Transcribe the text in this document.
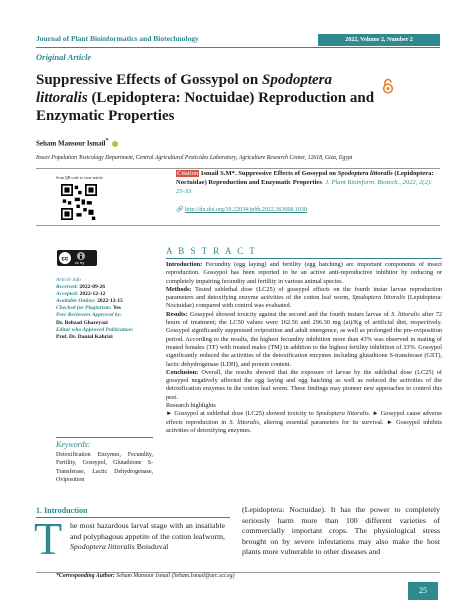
Journal of Plant Bioinformatics and Biotechnology	2022, Volume 2, Number 2
Original Article
Suppressive Effects of Gossypol on Spodoptera littoralis (Lepidoptera: Noctuidae) Reproduction and Enzymatic Properties
Seham Mansour Ismail*
Insect Population Toxicology Department, Central Agricultural Pesticides Laboratory, Agriculture Research Center, 12618, Giza, Egypt
Scan QR code to view article
Citation Ismail S.M*. Suppressive Effects of Gossypol on Spodoptera littoralis (Lepidoptera: Noctuidae) Reproduction and Enzymatic Properties. J. Plant Bioinform. Biotech., 2022, 2(2): 25-33
🔗 http://dx.doi.org/10.22034/jpbb.2022.363668.1030
cc cc by
Article info
Received: 2022-09-26
Accepted: 2022-12-12
Available Online: 2022-12-15
Checked for Plagiarism: Yes
Peer Reviewers Approved by:
Dr. Behzad Ghareyazi
Editor who Approved Publication:
Prof. Dr. Danial Kahrizi
Keywords:
Detoxification Enzymes, Fecundity, Fertility, Gossypol, Glutathione S-Transferase, Lactic Dehydrogenase, Oviposition
A B S T R A C T

Introduction: Fecundity (egg laying) and fertility (egg hatching) are important components of insect reproduction. Gossypol has been reported to be an active anti-reproductive inhibitor by reducing or completely impairing fecundity and fertility in various animal species.

Methods: Tested sublethal dose (LC25) of gossypol effects on the fourth instar larvae reproduction parameters and detoxifying enzyme activities of the cotton leaf worm, Spodoptera littoralis (Lepidoptera: Noctuidae) compared with control was evaluated.

Results: Gossypol showed toxicity against the second and the fourth instars larvae of S. littoralis after 72 hours of treatment; the LC50 values were 162.56 and 296.30 mg (ai)/Kg of artificial diet, respectively. Gossypol significantly suppressed oviposition and adult emergence, as well as prolonged the pre-oviposition period. According to the results, the highest fecundity inhibition more than 43% was observed in mating of treated females (TF) with treated males (TM) in addition to the highest fertility inhibition of 33%. Gossypol significantly reduced the activities of the detoxification enzymes including glutathione S-transferase (GST), lactic dehydrogenase (LDH), and protein content.

Conclusion: Overall, the results showed that the exposure of larvae by the sublethal dose (LC25) of gossypol negatively affected the egg laying and egg hatching as well as reduced the activities of the detoxification enzymes in the cotton leaf worm. These findings may pioneer new approaches to control this pest.

Research highlights

► Gossypol at sublethal dose (LC25) showed toxicity to Spodoptera littoralis. ► Gossypol cause adverse effects reproduction in S. littoralis, altering essential parameters for its survival. ► Gossypol inhibits activities of detoxifying enzymes.

1. Introduction
T he most hazardous larval stage with an insatiable and polyphagous appetite of the cotton leafworm, Spodoptera littoralis Boisduval
(Lepidoptera: Noctuidae). It has the power to completely seriously harm more than 100 different varieties of commercially important crops. The physiological stress brought on by severe infestations may also make the host plants more vulnerable to other diseases and
*Corresponding Author: Seham Mansour Ismail (Seham.Ismail@arc.sci.eg)
25
